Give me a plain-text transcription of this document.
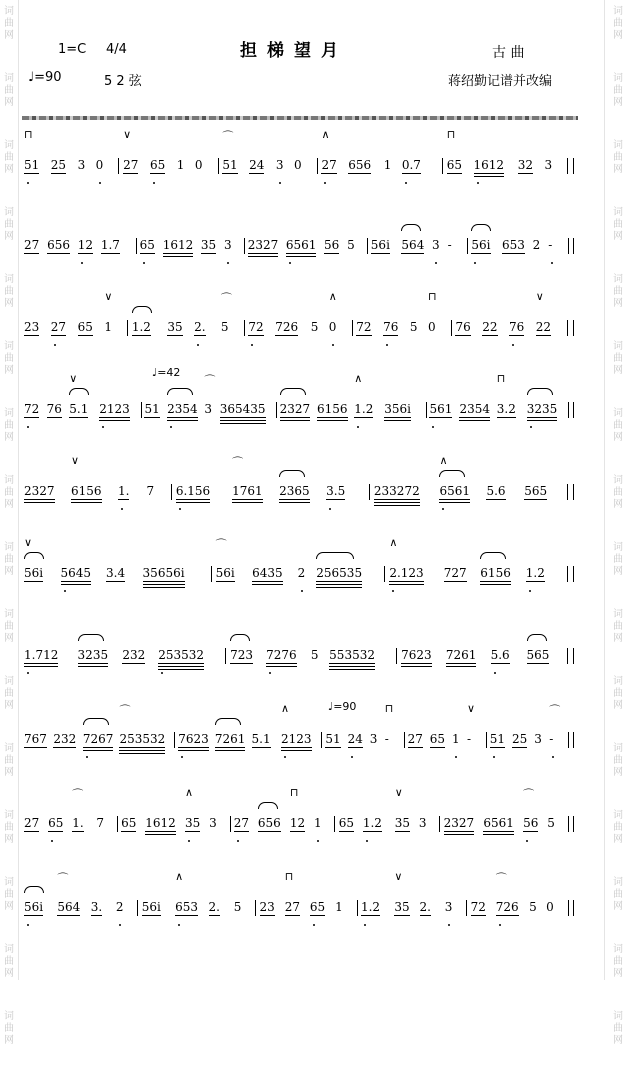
词
曲
网
词
曲
网
词
曲
网
词
曲
网
词
曲
网
词
曲
网
词
曲
网
词
曲
网
词
曲
网
词
曲
网
词
曲
网
词
曲
网
词
曲
网
词
曲
网
词
曲
网
词
曲
网
词
曲
网
词
曲
网
词
曲
网
词
曲
网
词
曲
网
词
曲
网
词
曲
网
词
曲
网
词
曲
网
词
曲
网
词
曲
网
词
曲
网
词
曲
网
词
曲
网
词
曲
网
词
曲
网
1=C 4/4	担梯望月	古 曲
♩=90	5 2 弦	蒋绍勤记谱并改编
51
⊓
25 3 0 27
∨
65 1 0 51
⌒
24 3 0 27
∧
656 1 0.7 65
⊓
1612 32 3
27 656 12 1.7 65 1612 35 3 2327 6561 56 5 56i 564 3 - 56i 653 2 -
23 27 65 1
∨
1.2 35 2. 5
⌒
72 726 5 0
∧
72 76 5 0
⊓
76 22 76 22
∨
72 76 5.1
∨
2123 51 2354 3
⌒
365435 2327 6156 1.2
∧
356i 561 2354 3.2
⊓
3235
2327 6156
∨
1. 7 6.156 1761
⌒
2365 3.5 233272 6561
∧
5.6 565
56i
∨
5645 3.4 35656i	56i
⌒
6435 2 256535 2.123
∧
727 6156 1.2
1.712 3235 232 253532 723 7276 5 553532 7623 7261 5.6 565
767 232 7267 253532
⌒
7623 7261 5.1 2123
∧
51 24 3 -
⊓
27 65 1 -
∨
51 25 3 -
⌒
27 65 1.
⌒
7 65 1612 35
∧
3 27 656 12
⊓
1 65 1.2 35
∨
3 2327 6561 56
⌒
5
56i 564
⌒
3. 2 56i 653
∧
2. 5 23 27
⊓
65 1 1.2 35
∨
2. 3 72 726
⌒
5 0
♩=42
♩=90
